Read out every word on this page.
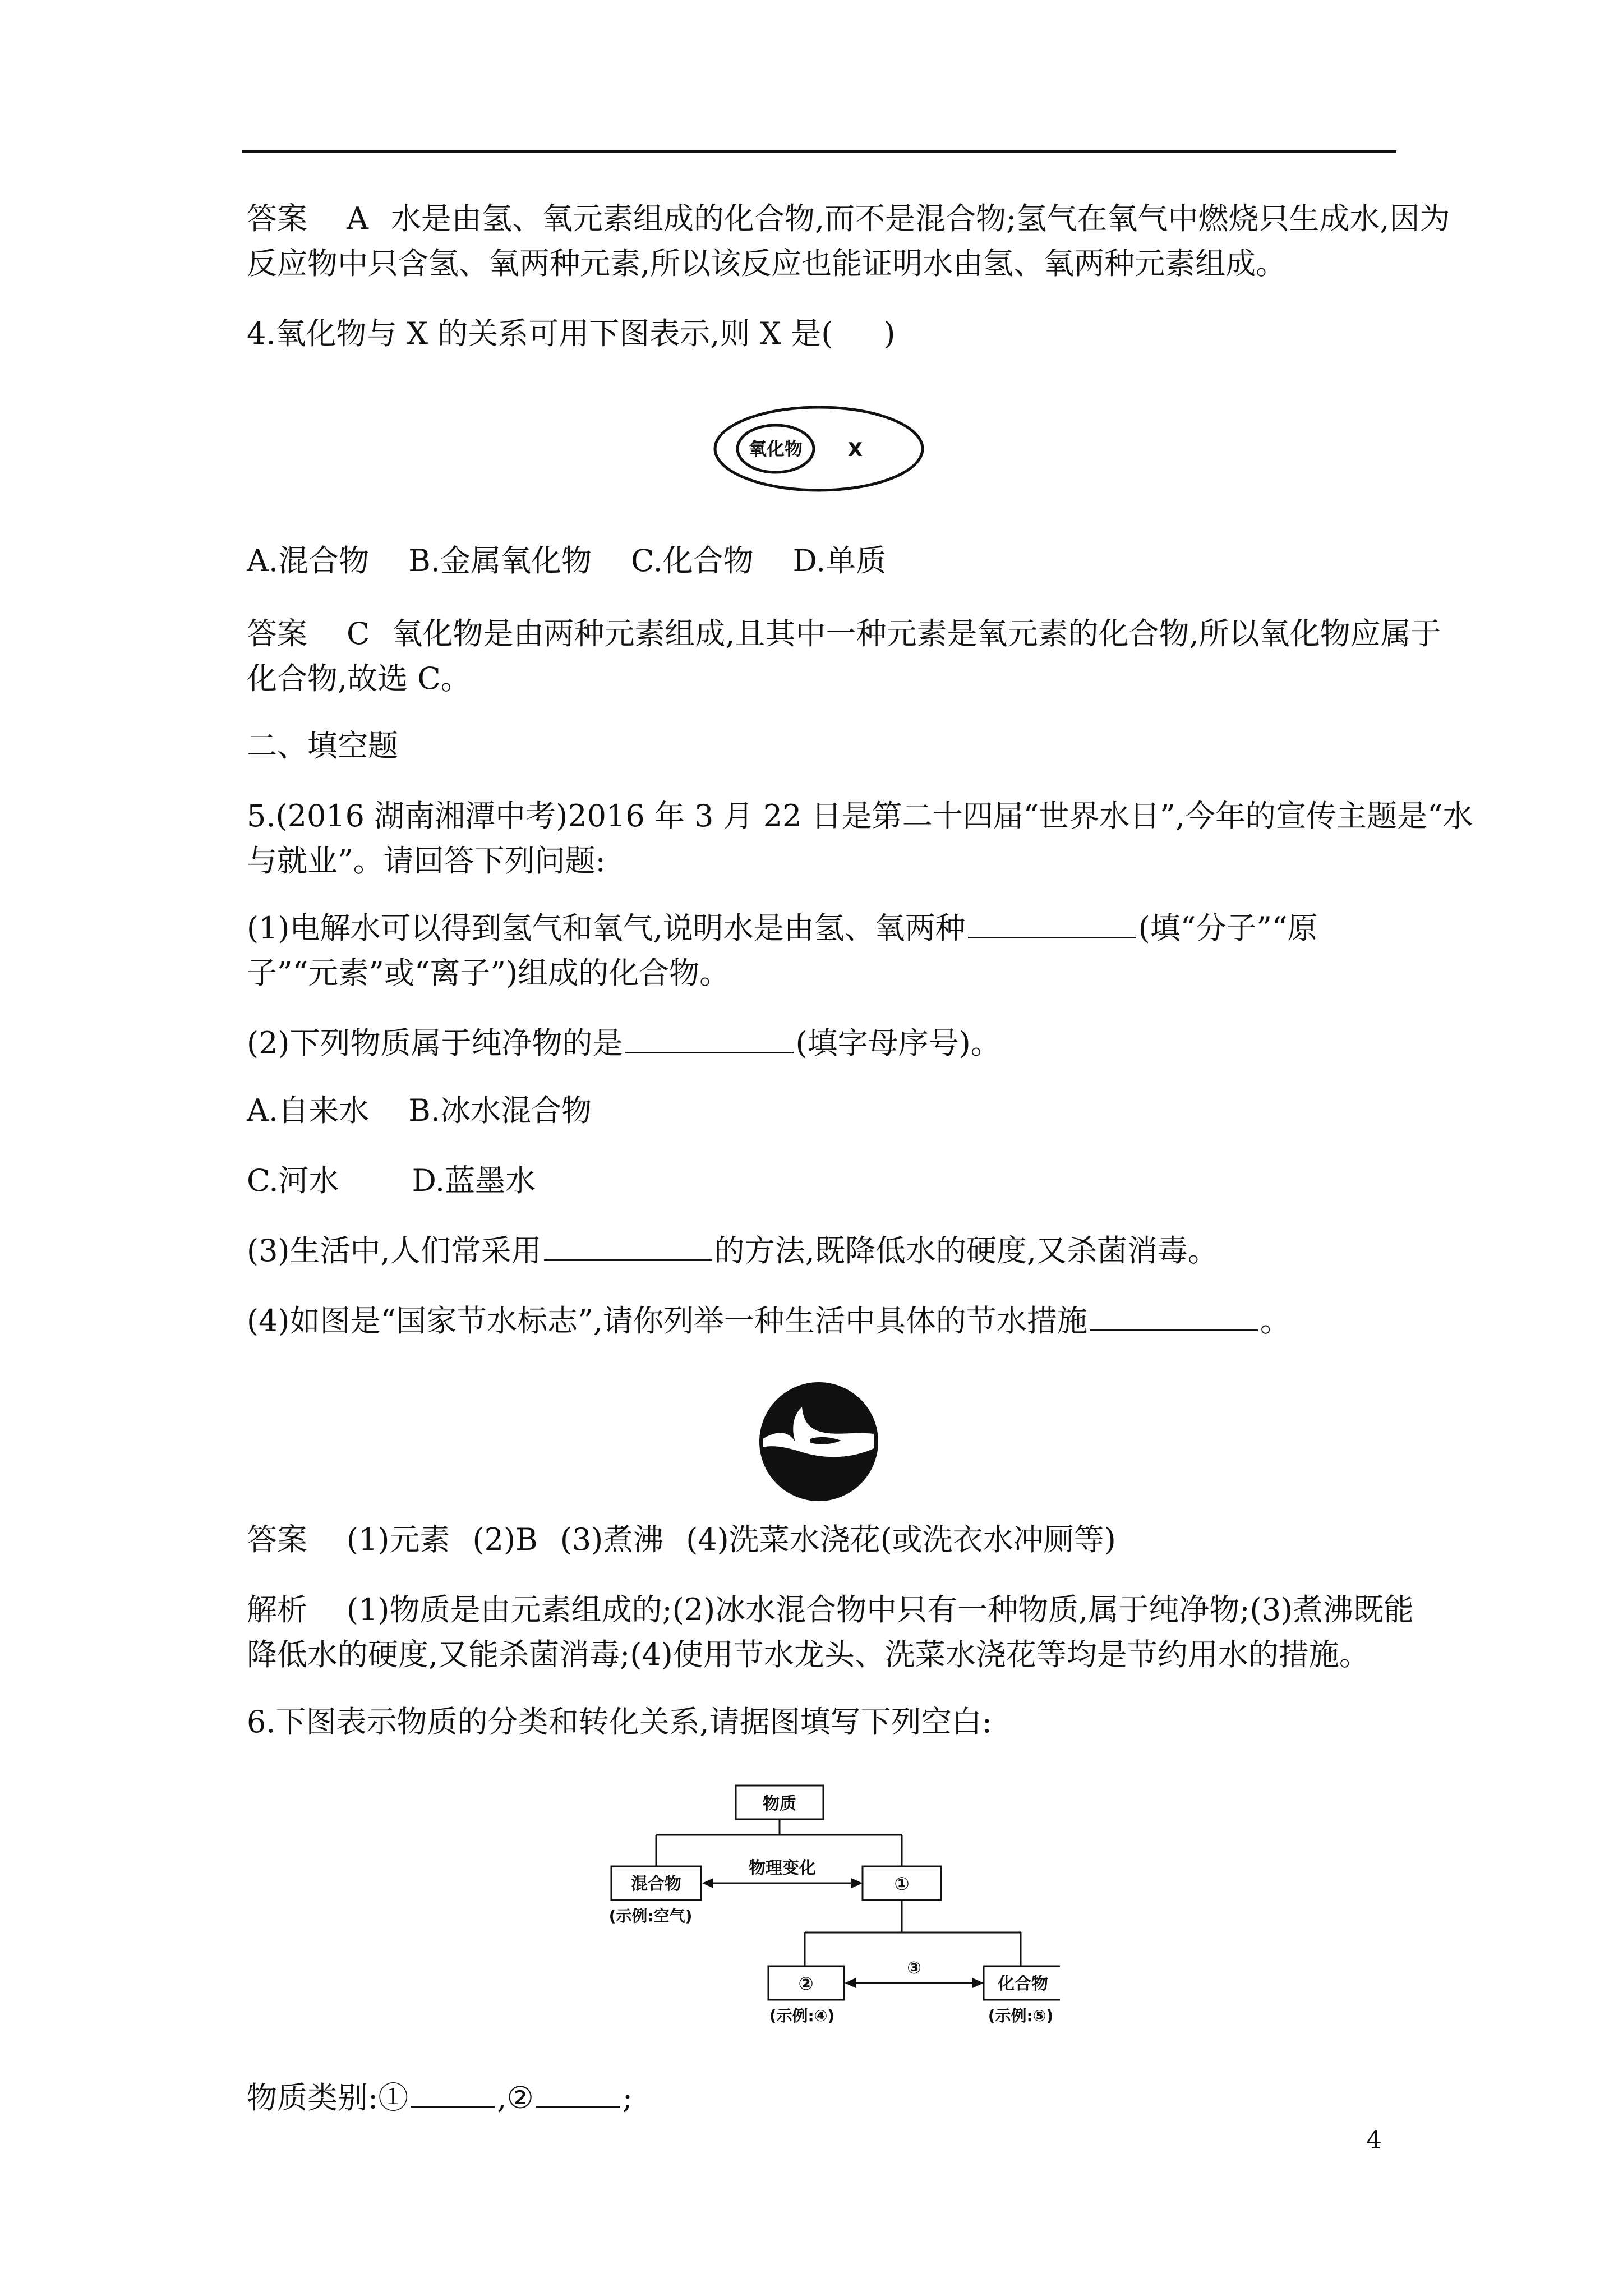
答案 A 水是由氢、氧元素组成的化合物,而不是混合物;氢气在氧气中燃烧只生成水,因为

反应物中只含氢、氧两种元素,所以该反应也能证明水由氢、氧两种元素组成。

4.氧化物与 X 的关系可用下图表示,则 X 是( )

氧化物 X

A.混合物 B.金属氧化物 C.化合物 D.单质

答案 C 氧化物是由两种元素组成,且其中一种元素是氧元素的化合物,所以氧化物应属于

化合物,故选 C。

二、填空题

5.(2016 湖南湘潭中考)2016 年 3 月 22 日是第二十四届“世界水日”,今年的宣传主题是“水

与就业”。请回答下列问题:

(1)电解水可以得到氢气和氧气,说明水是由氢、氧两种	(填“分子”“原

子”“元素”或“离子”)组成的化合物。

(2)下列物质属于纯净物的是	(填字母序号)。

A.自来水 B.冰水混合物

C.河水 D.蓝墨水

(3)生活中,人们常采用	的方法,既降低水的硬度,又杀菌消毒。

(4)如图是“国家节水标志”,请你列举一种生活中具体的节水措施	。

答案 (1)元素 (2)B (3)煮沸 (4)洗菜水浇花(或洗衣水冲厕等)

解析 (1)物质是由元素组成的;(2)冰水混合物中只有一种物质,属于纯净物;(3)煮沸既能

降低水的硬度,又能杀菌消毒;(4)使用节水龙头、洗菜水浇花等均是节约用水的措施。

6.下图表示物质的分类和转化关系,请据图填写下列空白:

物质
混合物
(示例:空气)
物理变化
①
②
(示例:④)
③
化合物
(示例:⑤)

物质类别:①	,②	;

4
